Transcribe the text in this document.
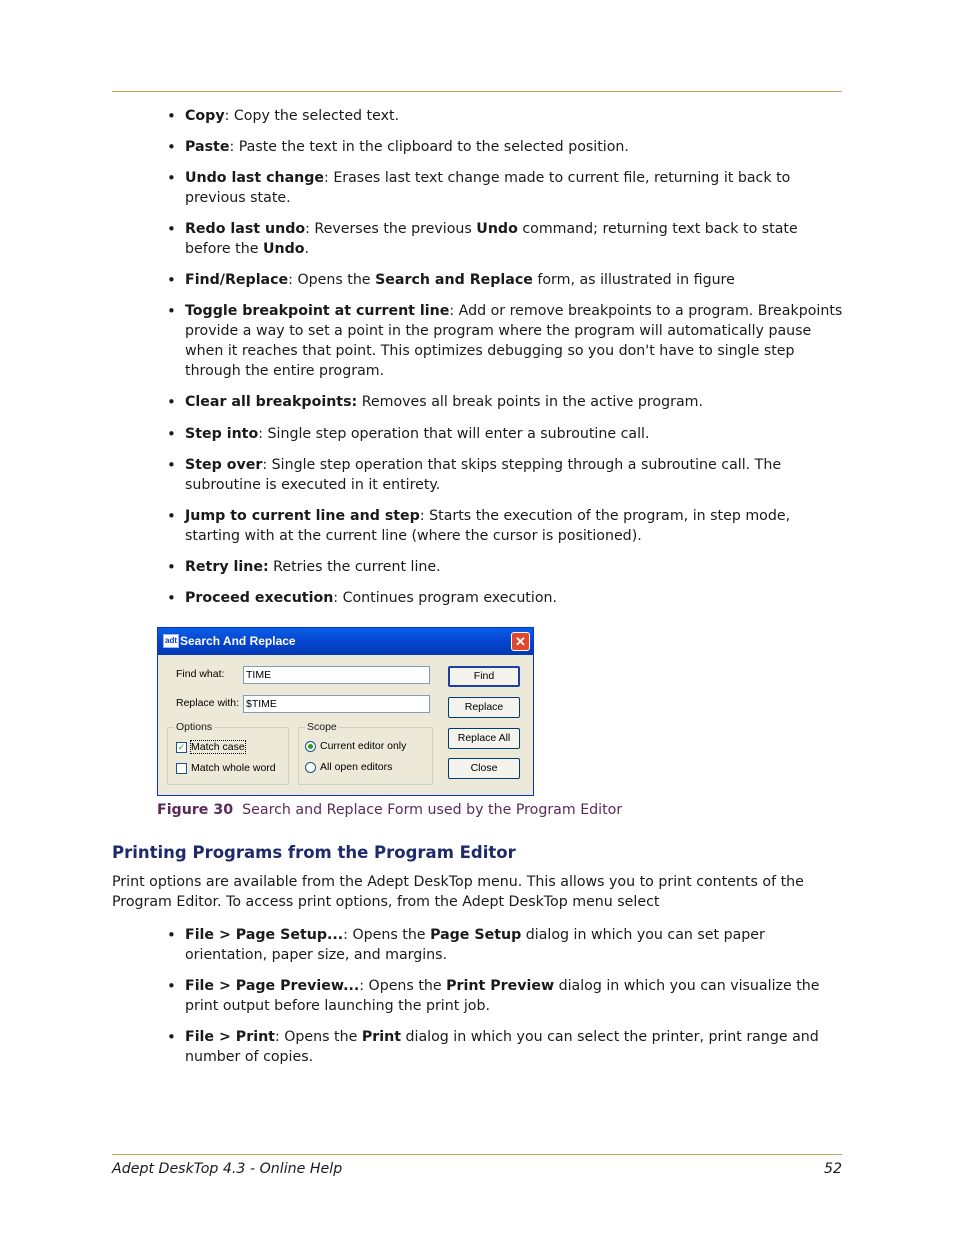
• Copy: Copy the selected text.
• Paste: Paste the text in the clipboard to the selected position.
• Undo last change: Erases last text change made to current file, returning it back to previous state.
• Redo last undo: Reverses the previous Undo command; returning text back to state before the Undo.
• Find/Replace: Opens the Search and Replace form, as illustrated in figure
• Toggle breakpoint at current line: Add or remove breakpoints to a program. Breakpoints provide a way to set a point in the program where the program will automatically pause when it reaches that point. This optimizes debugging so you don't have to single step through the entire program.
• Clear all breakpoints: Removes all break points in the active program.
• Step into: Single step operation that will enter a subroutine call.
• Step over: Single step operation that skips stepping through a subroutine call. The subroutine is executed in it entirety.
• Jump to current line and step: Starts the execution of the program, in step mode, starting with at the current line (where the cursor is positioned).
• Retry line: Retries the current line.
• Proceed execution: Continues program execution.
adt Search And Replace	✕
Find what: TIME
Replace with: $TIME
Options
✓ Match case
Match whole word
Scope
Current editor only
All open editors
Find
Replace
Replace All
Close
Figure 30 Search and Replace Form used by the Program Editor
Printing Programs from the Program Editor

Print options are available from the Adept DeskTop menu. This allows you to print contents of the Program Editor. To access print options, from the Adept DeskTop menu select

• File > Page Setup...: Opens the Page Setup dialog in which you can set paper orientation, paper size, and margins.
• File > Page Preview...: Opens the Print Preview dialog in which you can visualize the print output before launching the print job.
• File > Print: Opens the Print dialog in which you can select the printer, print range and number of copies.
Adept DeskTop 4.3 - Online Help	52
